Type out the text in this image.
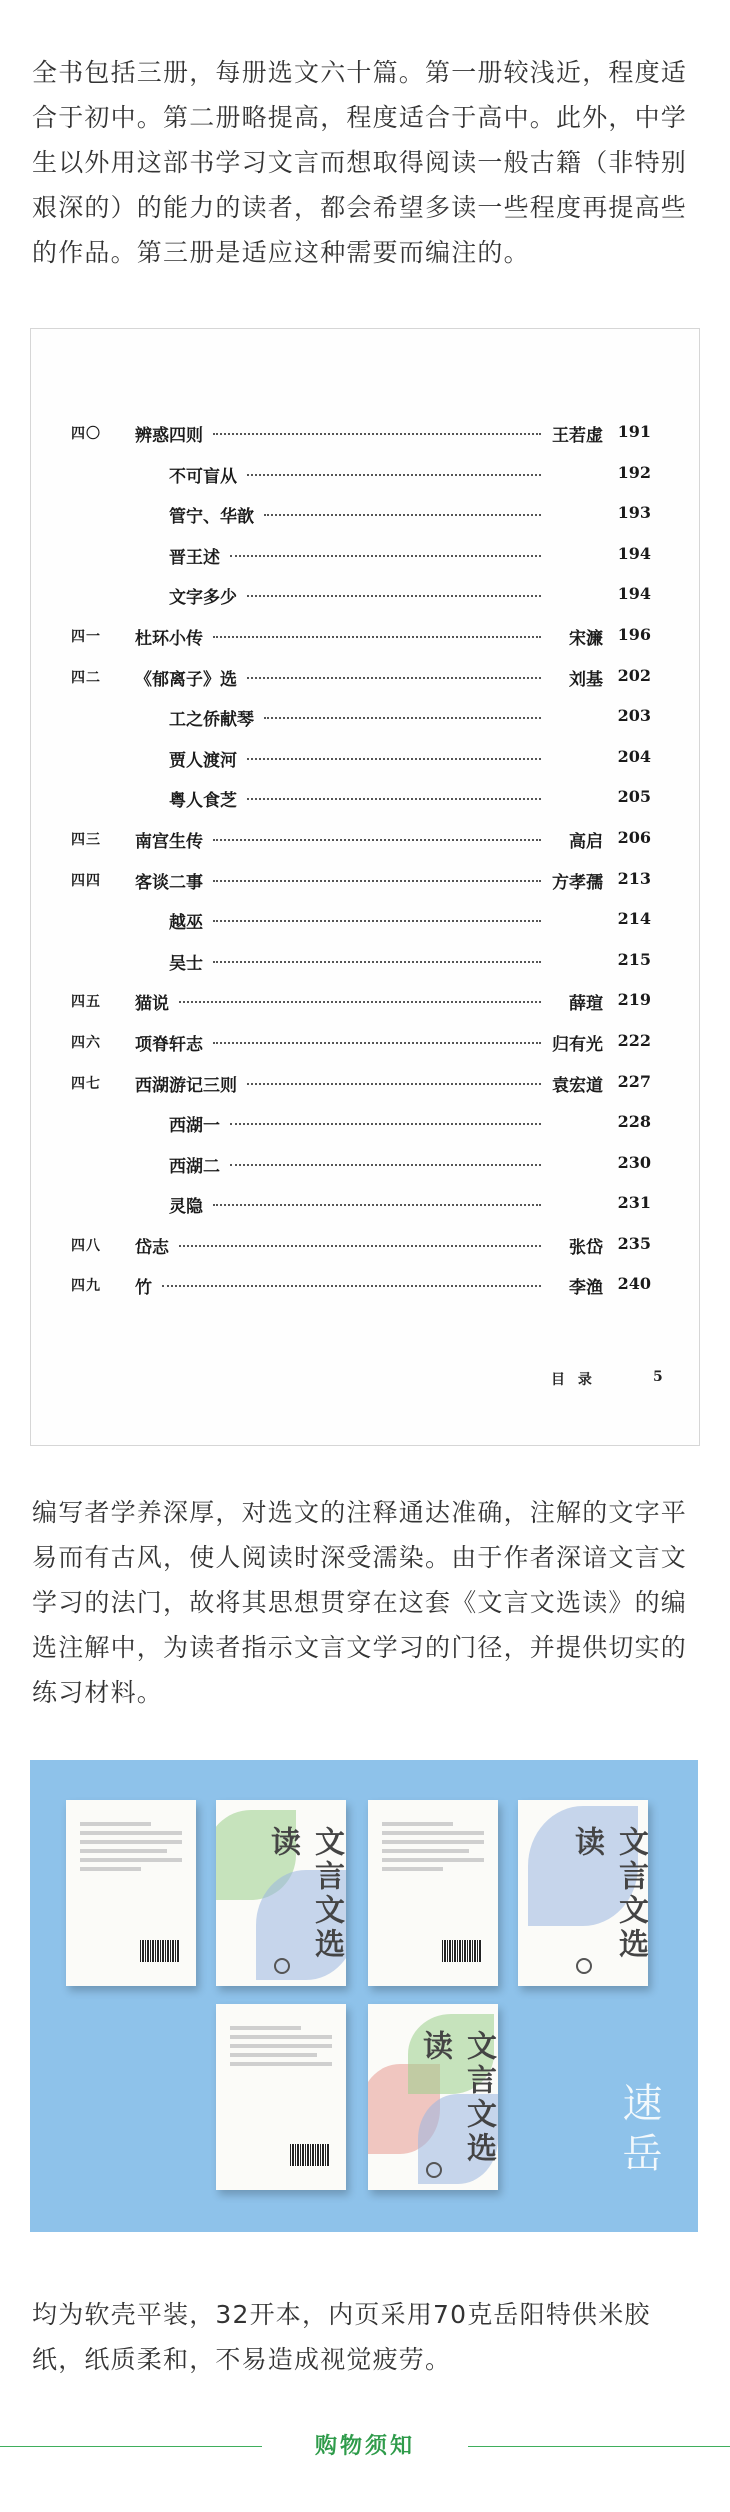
全书包括三册，每册选文六十篇。第一册较浅近，程度适合于初中。第二册略提高，程度适合于高中。此外，中学生以外用这部书学习文言而想取得阅读一般古籍（非特别艰深的）的能力的读者，都会希望多读一些程度再提高些的作品。第三册是适应这种需要而编注的。

四〇 辨惑四则	王若虚 191
不可盲从	192
管宁、华歆	193
晋王述	194
文字多少	194
四一 杜环小传	宋濂 196
四二 《郁离子》选	刘基 202
工之侨献琴	203
贾人渡河	204
粤人食芝	205
四三 南宫生传	高启 206
四四 客谈二事	方孝孺 213
越巫	214
吴士	215
四五 猫说	薛瑄 219
四六 项脊轩志	归有光 222
四七 西湖游记三则	袁宏道 227
西湖一	228
西湖二	230
灵隐	231
四八 岱志	张岱 235
四九 竹	李渔 240
目 录	5

编写者学养深厚，对选文的注释通达准确，注解的文字平易而有古风，使人阅读时深受濡染。由于作者深谙文言文学习的法门，故将其思想贯穿在这套《文言文选读》的编选注解中，为读者指示文言文学习的门径，并提供切实的练习材料。

文言文选读	文言文选读
文言文选读
速岳

均为软壳平装，32开本，内页采用70克岳阳特供米胶纸，纸质柔和，不易造成视觉疲劳。

购物须知
